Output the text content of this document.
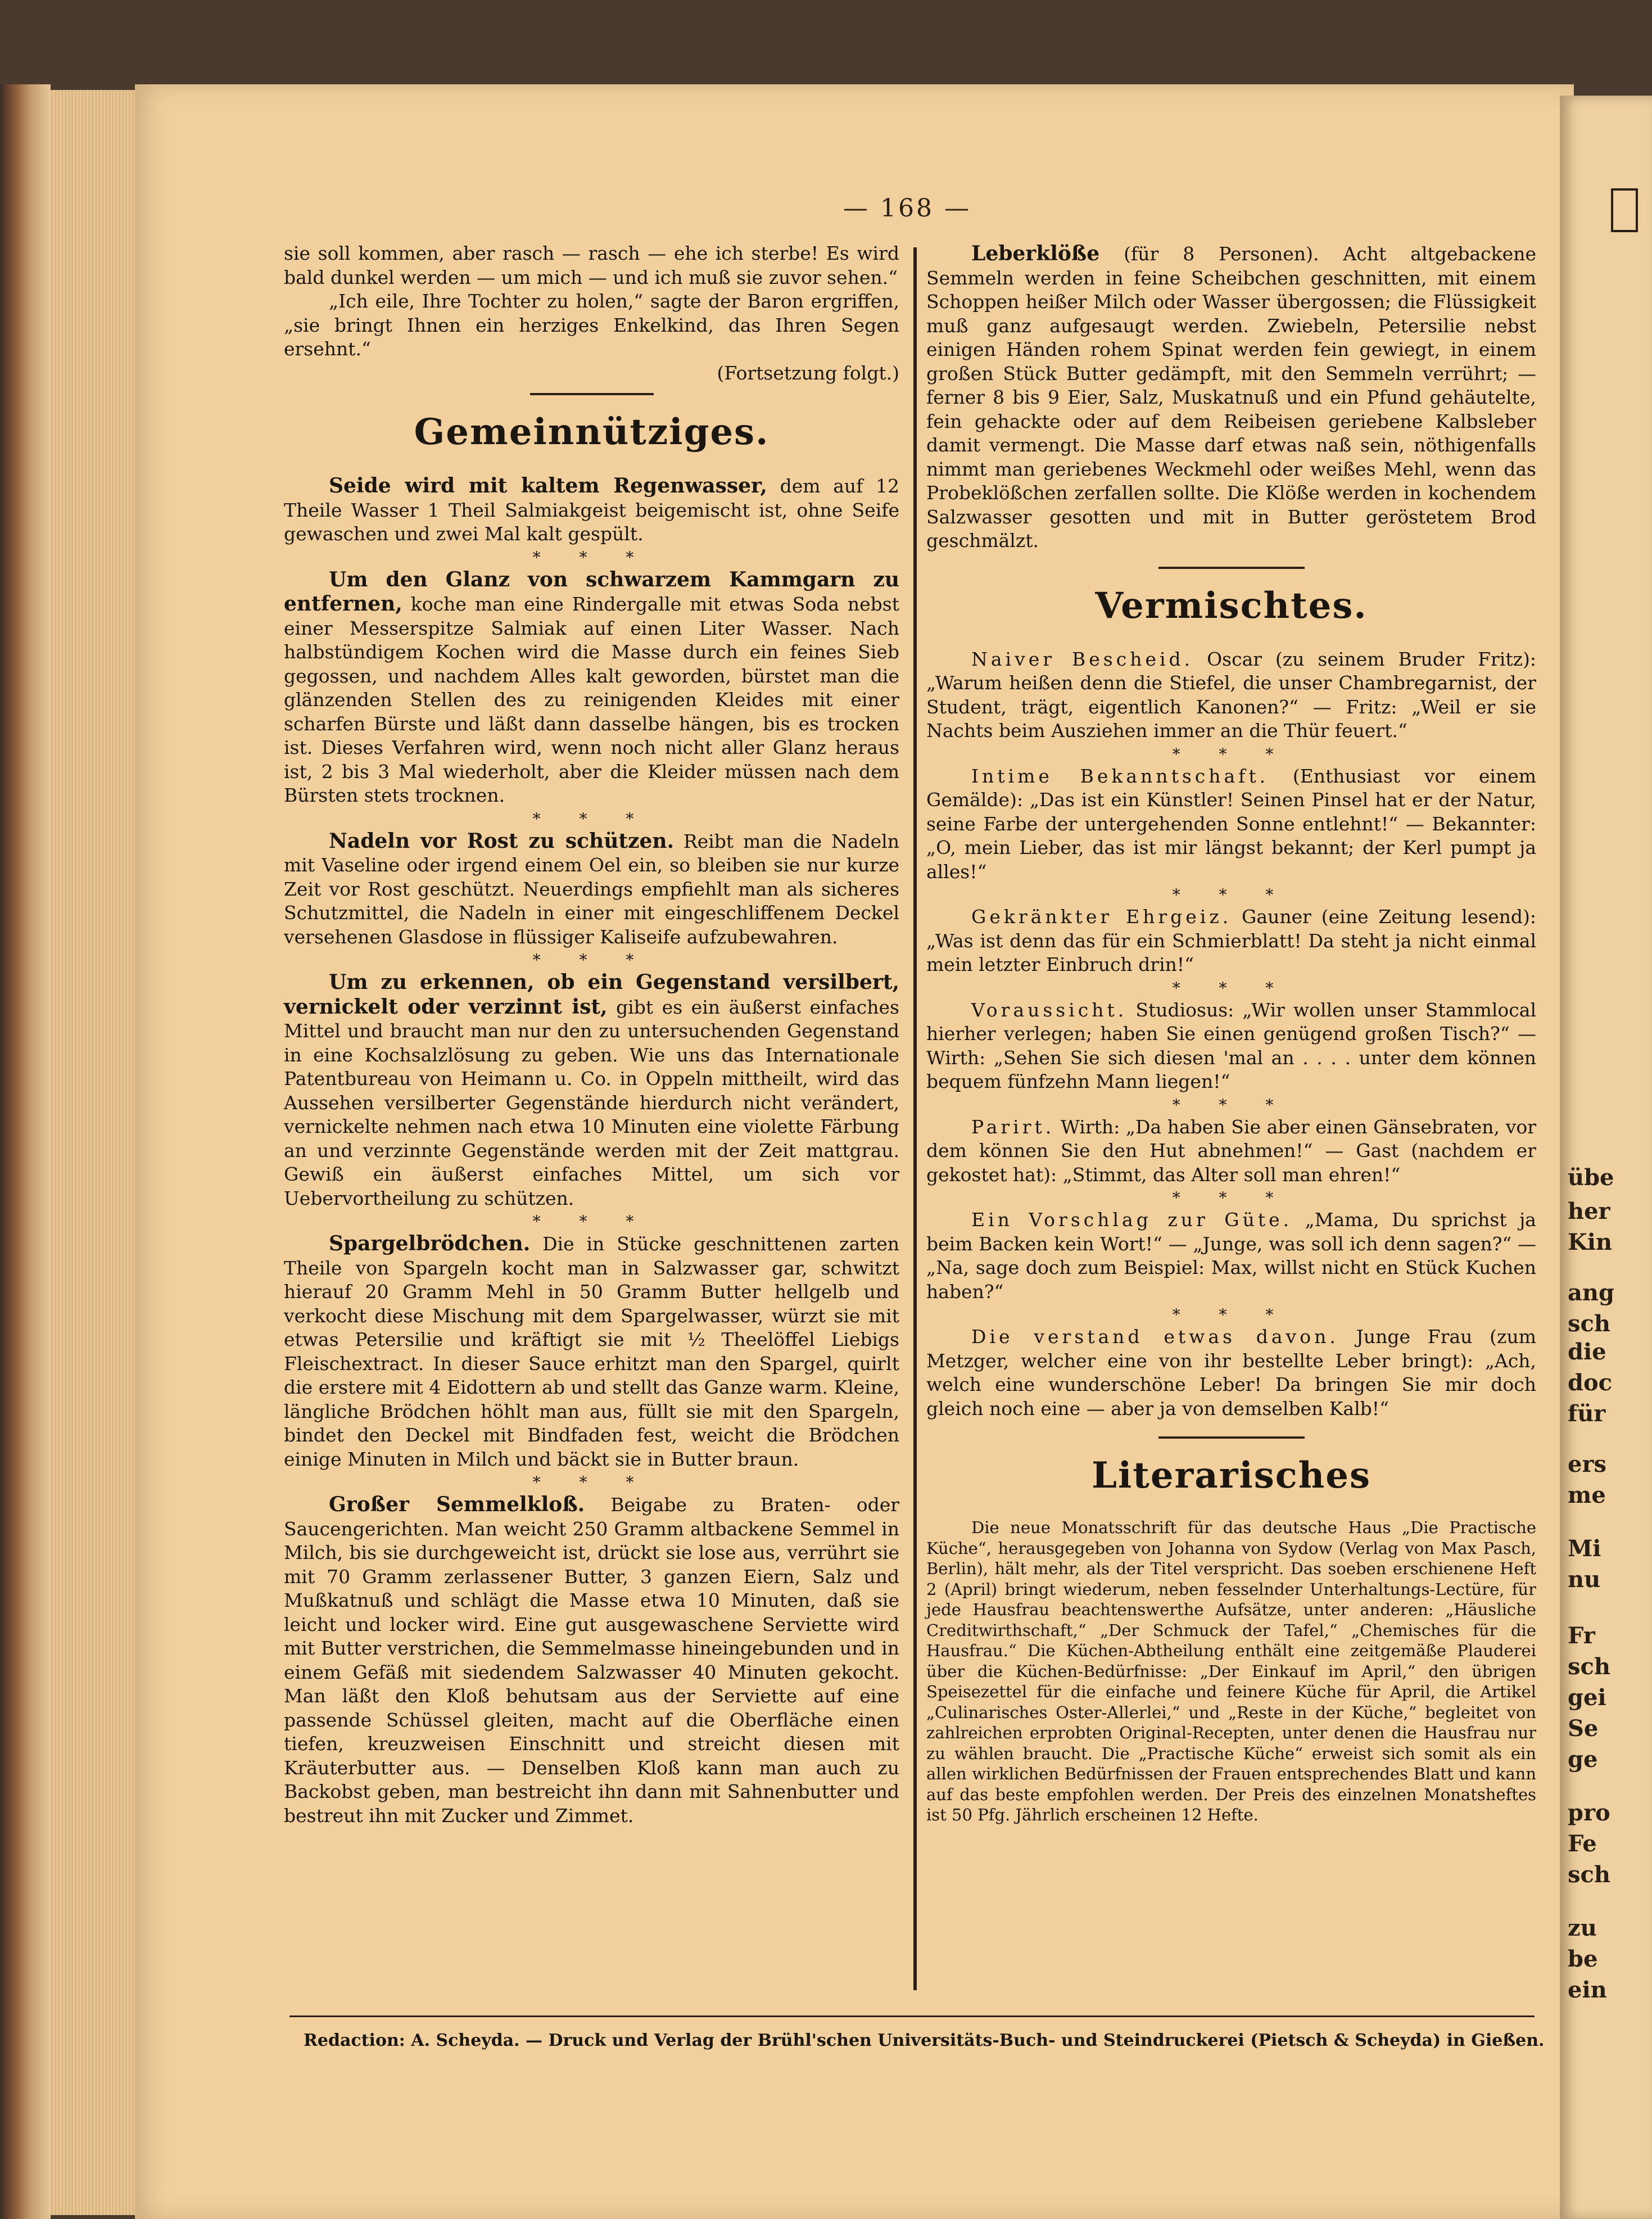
übe
her
Kin
ang
sch
die
doc
für
ers
me
Mi
nu
Fr
sch
gei
Se
ge
pro
Fe
sch
zu
be
ein
— 168 —

sie soll kommen, aber rasch — rasch — ehe ich sterbe! Es wird bald dunkel werden — um mich — und ich muß sie zuvor sehen.“

„Ich eile, Ihre Tochter zu holen,“ sagte der Baron ergriffen, „sie bringt Ihnen ein herziges Enkelkind, das Ihren Segen ersehnt.“

(Fortsetzung folgt.)

Gemeinnütziges.

Seide wird mit kaltem Regenwasser, dem auf 12 Theile Wasser 1 Theil Salmiakgeist beigemischt ist, ohne Seife gewaschen und zwei Mal kalt gespült.

* * *

Um den Glanz von schwarzem Kammgarn zu entfernen, koche man eine Rindergalle mit etwas Soda nebst einer Messerspitze Salmiak auf einen Liter Wasser. Nach halbstündigem Kochen wird die Masse durch ein feines Sieb gegossen, und nachdem Alles kalt geworden, bürstet man die glänzenden Stellen des zu reinigenden Kleides mit einer scharfen Bürste und läßt dann dasselbe hängen, bis es trocken ist. Dieses Verfahren wird, wenn noch nicht aller Glanz heraus ist, 2 bis 3 Mal wiederholt, aber die Kleider müssen nach dem Bürsten stets trocknen.

* * *

Nadeln vor Rost zu schützen. Reibt man die Nadeln mit Vaseline oder irgend einem Oel ein, so bleiben sie nur kurze Zeit vor Rost geschützt. Neuerdings empfiehlt man als sicheres Schutzmittel, die Nadeln in einer mit eingeschliffenem Deckel versehenen Glasdose in flüssiger Kaliseife aufzubewahren.

* * *

Um zu erkennen, ob ein Gegenstand versilbert, vernickelt oder verzinnt ist, gibt es ein äußerst einfaches Mittel und braucht man nur den zu untersuchenden Gegenstand in eine Kochsalzlösung zu geben. Wie uns das Internationale Patentbureau von Heimann u. Co. in Oppeln mittheilt, wird das Aussehen versilberter Gegenstände hierdurch nicht verändert, vernickelte nehmen nach etwa 10 Minuten eine violette Färbung an und verzinnte Gegenstände werden mit der Zeit mattgrau. Gewiß ein äußerst einfaches Mittel, um sich vor Uebervortheilung zu schützen.

* * *

Spargelbrödchen. Die in Stücke geschnittenen zarten Theile von Spargeln kocht man in Salzwasser gar, schwitzt hierauf 20 Gramm Mehl in 50 Gramm Butter hellgelb und verkocht diese Mischung mit dem Spargelwasser, würzt sie mit etwas Petersilie und kräftigt sie mit ½ Theelöffel Liebigs Fleischextract. In dieser Sauce erhitzt man den Spargel, quirlt die erstere mit 4 Eidottern ab und stellt das Ganze warm. Kleine, längliche Brödchen höhlt man aus, füllt sie mit den Spargeln, bindet den Deckel mit Bindfaden fest, weicht die Brödchen einige Minuten in Milch und bäckt sie in Butter braun.

* * *

Großer Semmelkloß. Beigabe zu Braten- oder Saucengerichten. Man weicht 250 Gramm altbackene Semmel in Milch, bis sie durchgeweicht ist, drückt sie lose aus, verrührt sie mit 70 Gramm zerlassener Butter, 3 ganzen Eiern, Salz und Mußkatnuß und schlägt die Masse etwa 10 Minuten, daß sie leicht und locker wird. Eine gut ausgewaschene Serviette wird mit Butter verstrichen, die Semmelmasse hineingebunden und in einem Gefäß mit siedendem Salzwasser 40 Minuten gekocht. Man läßt den Kloß behutsam aus der Serviette auf eine passende Schüssel gleiten, macht auf die Oberfläche einen tiefen, kreuzweisen Einschnitt und streicht diesen mit Kräuterbutter aus. — Denselben Kloß kann man auch zu Backobst geben, man bestreicht ihn dann mit Sahnenbutter und bestreut ihn mit Zucker und Zimmet.

Leberklöße (für 8 Personen). Acht altgebackene Semmeln werden in feine Scheibchen geschnitten, mit einem Schoppen heißer Milch oder Wasser übergossen; die Flüssigkeit muß ganz aufgesaugt werden. Zwiebeln, Petersilie nebst einigen Händen rohem Spinat werden fein gewiegt, in einem großen Stück Butter gedämpft, mit den Semmeln verrührt; — ferner 8 bis 9 Eier, Salz, Muskatnuß und ein Pfund gehäutelte, fein gehackte oder auf dem Reibeisen geriebene Kalbsleber damit vermengt. Die Masse darf etwas naß sein, nöthigenfalls nimmt man geriebenes Weckmehl oder weißes Mehl, wenn das Probeklößchen zerfallen sollte. Die Klöße werden in kochendem Salzwasser gesotten und mit in Butter geröstetem Brod geschmälzt.

Vermischtes.

Naiver Bescheid. Oscar (zu seinem Bruder Fritz): „Warum heißen denn die Stiefel, die unser Chambregarnist, der Student, trägt, eigentlich Kanonen?“ — Fritz: „Weil er sie Nachts beim Ausziehen immer an die Thür feuert.“

* * *

Intime Bekanntschaft. (Enthusiast vor einem Gemälde): „Das ist ein Künstler! Seinen Pinsel hat er der Natur, seine Farbe der untergehenden Sonne entlehnt!“ — Bekannter: „O, mein Lieber, das ist mir längst bekannt; der Kerl pumpt ja alles!“

* * *

Gekränkter Ehrgeiz. Gauner (eine Zeitung lesend): „Was ist denn das für ein Schmierblatt! Da steht ja nicht einmal mein letzter Einbruch drin!“

* * *

Voraussicht. Studiosus: „Wir wollen unser Stammlocal hierher verlegen; haben Sie einen genügend großen Tisch?“ — Wirth: „Sehen Sie sich diesen 'mal an . . . . unter dem können bequem fünfzehn Mann liegen!“

* * *

Parirt. Wirth: „Da haben Sie aber einen Gänsebraten, vor dem können Sie den Hut abnehmen!“ — Gast (nachdem er gekostet hat): „Stimmt, das Alter soll man ehren!“

* * *

Ein Vorschlag zur Güte. „Mama, Du sprichst ja beim Backen kein Wort!“ — „Junge, was soll ich denn sagen?“ — „Na, sage doch zum Beispiel: Max, willst nicht en Stück Kuchen haben?“

* * *

Die verstand etwas davon. Junge Frau (zum Metzger, welcher eine von ihr bestellte Leber bringt): „Ach, welch eine wunderschöne Leber! Da bringen Sie mir doch gleich noch eine — aber ja von demselben Kalb!“

Literarisches

Die neue Monatsschrift für das deutsche Haus „Die Practische Küche“, herausgegeben von Johanna von Sydow (Verlag von Max Pasch, Berlin), hält mehr, als der Titel verspricht. Das soeben erschienene Heft 2 (April) bringt wiederum, neben fesselnder Unterhaltungs-Lectüre, für jede Hausfrau beachtenswerthe Aufsätze, unter anderen: „Häusliche Creditwirthschaft,“ „Der Schmuck der Tafel,“ „Chemisches für die Hausfrau.“ Die Küchen-Abtheilung enthält eine zeitgemäße Plauderei über die Küchen-Bedürfnisse: „Der Einkauf im April,“ den übrigen Speisezettel für die einfache und feinere Küche für April, die Artikel „Culinarisches Oster-Allerlei,“ und „Reste in der Küche,“ begleitet von zahlreichen erprobten Original-Recepten, unter denen die Hausfrau nur zu wählen braucht. Die „Practische Küche“ erweist sich somit als ein allen wirklichen Bedürfnissen der Frauen entsprechendes Blatt und kann auf das beste empfohlen werden. Der Preis des einzelnen Monatsheftes ist 50 Pfg. Jährlich erscheinen 12 Hefte.

Redaction: A. Scheyda. — Druck und Verlag der Brühl'schen Universitäts-Buch- und Steindruckerei (Pietsch & Scheyda) in Gießen.
